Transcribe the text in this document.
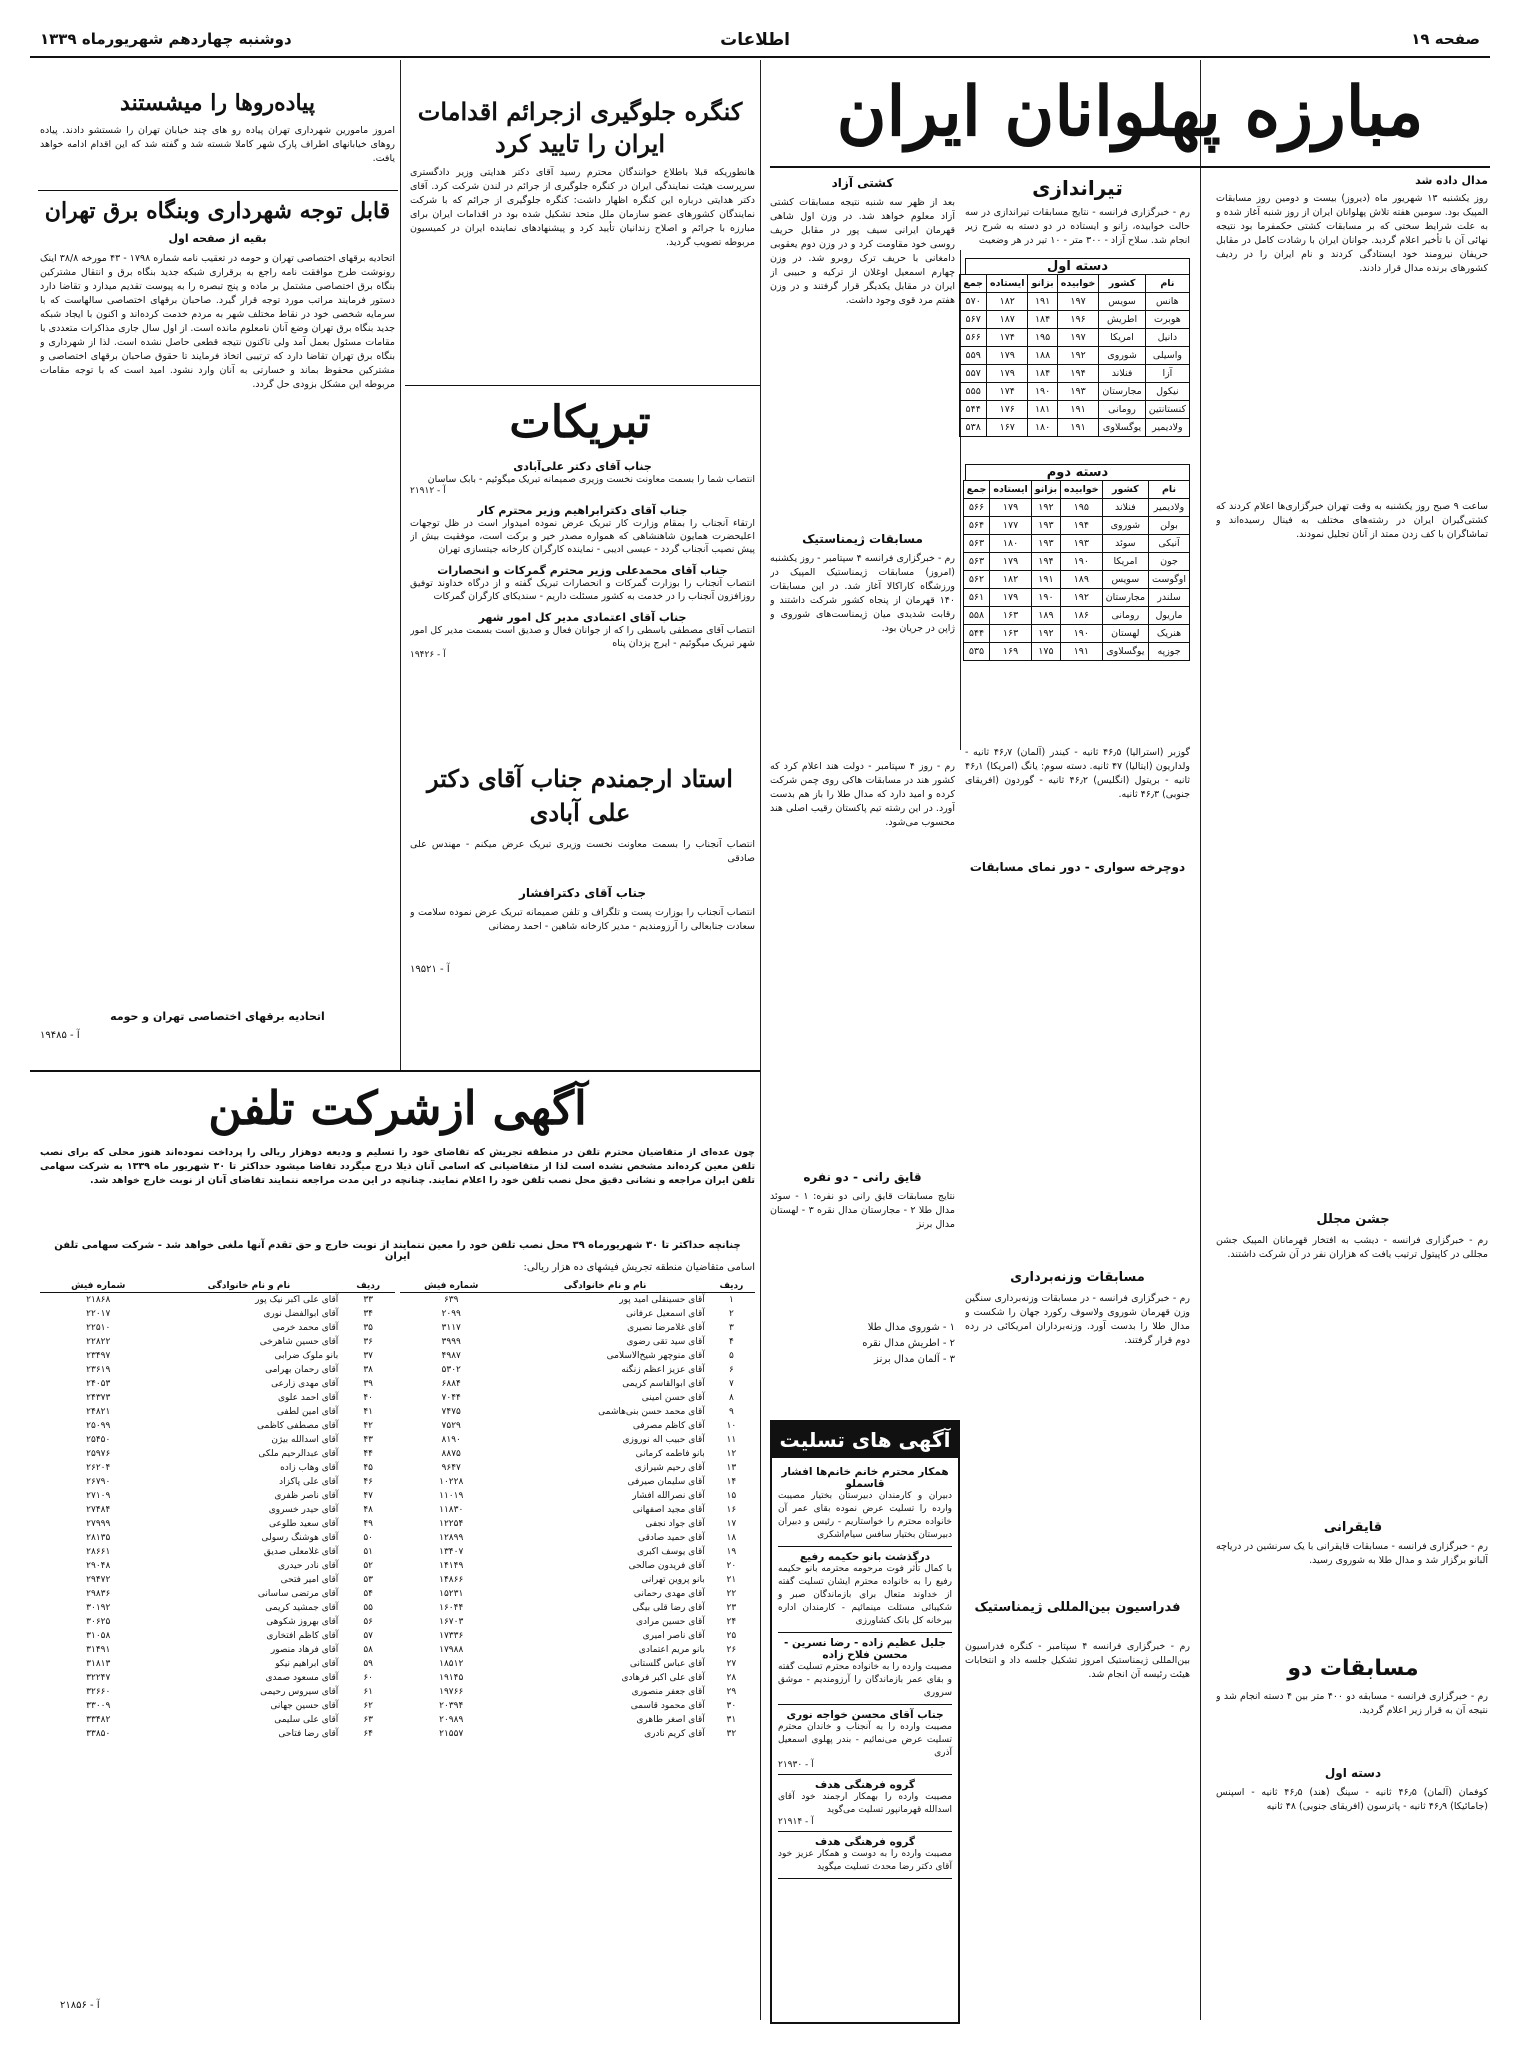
صفحه ۱۹
اطلاعات
دوشنبه چهاردهم شهریورماه ۱۳۳۹
مبارزه پهلوانان ایران
مدال داده شد
روز یکشنبه ۱۳ شهریور ماه (دیروز) بیست و دومین روز مسابقات المپیک بود. سومین هفته تلاش پهلوانان ایران از روز شنبه آغاز شده و به علت شرایط سختی که بر مسابقات کشتی حکمفرما بود نتیجه نهائی آن با تأخیر اعلام گردید. جوانان ایران با رشادت کامل در مقابل حریفان نیرومند خود ایستادگی کردند و نام ایران را در ردیف کشورهای برنده مدال قرار دادند.
ساعت ۹ صبح روز یکشنبه به وقت تهران خبرگزاری‌ها اعلام کردند که کشتی‌گیران ایران در رشته‌های مختلف به فینال رسیده‌اند و تماشاگران با کف زدن ممتد از آنان تجلیل نمودند.
تیراندازی
رم - خبرگزاری فرانسه - نتایج مسابقات تیراندازی در سه حالت خوابیده، زانو و ایستاده در دو دسته به شرح زیر انجام شد. سلاح آزاد - ۳۰۰ متر - ۱۰ تیر در هر وضعیت
دسته اول
نام	کشور	خوابیده	بزانو	ایستاده	جمع
هانس	سویس	۱۹۷	۱۹۱	۱۸۲	۵۷۰
هوبرت	اطریش	۱۹۶	۱۸۴	۱۸۷	۵۶۷
دانیل	امریکا	۱۹۷	۱۹۵	۱۷۴	۵۶۶
واسیلی	شوروی	۱۹۲	۱۸۸	۱۷۹	۵۵۹
آزا	فنلاند	۱۹۴	۱۸۴	۱۷۹	۵۵۷
نیکول	مجارستان	۱۹۳	۱۹۰	۱۷۴	۵۵۵
کنستانتین	رومانی	۱۹۱	۱۸۱	۱۷۶	۵۴۴
ولادیمیر	یوگسلاوی	۱۹۱	۱۸۰	۱۶۷	۵۳۸
دسته دوم
نام	کشور	خوابیده	بزانو	ایستاده	جمع
ولادیمیر	فنلاند	۱۹۵	۱۹۲	۱۷۹	۵۶۶
بولن	شوروی	۱۹۴	۱۹۳	۱۷۷	۵۶۴
آنیکی	سوئد	۱۹۳	۱۹۳	۱۸۰	۵۶۳
جون	امریکا	۱۹۰	۱۹۴	۱۷۹	۵۶۳
اوگوست	سویس	۱۸۹	۱۹۱	۱۸۲	۵۶۲
سلندر	مجارستان	۱۹۲	۱۹۰	۱۷۹	۵۶۱
ماریول	رومانی	۱۸۶	۱۸۹	۱۶۳	۵۵۸
هنریک	لهستان	۱۹۰	۱۹۲	۱۶۳	۵۴۴
جوزپه	یوگسلاوی	۱۹۱	۱۷۵	۱۶۹	۵۳۵
کشتی آزاد
بعد از ظهر سه شنبه نتیجه مسابقات کشتی آزاد معلوم خواهد شد. در وزن اول شاهی قهرمان ایرانی سیف پور در مقابل حریف روسی خود مقاومت کرد و در وزن دوم یعقوبی دامغانی با حریف ترک روبرو شد. در وزن چهارم اسمعیل اوغلان از ترکیه و حبیبی از ایران در مقابل یکدیگر قرار گرفتند و در وزن هفتم مرد قوی وجود داشت.
مسابقات ژیمناستیک
رم - خبرگزاری فرانسه ۴ سپتامبر - روز یکشنبه (امروز) مسابقات ژیمناستیک المپیک در ورزشگاه کاراکالا آغاز شد. در این مسابقات ۱۴۰ قهرمان از پنجاه کشور شرکت داشتند و رقابت شدیدی میان ژیمناست‌های شوروی و ژاپن در جریان بود.
گوزبر (استرالیا) ۴۶٫۵ ثانیه - کیندر (آلمان) ۴۶٫۷ ثانیه - ولداریون (ایتالیا) ۴۷ ثانیه. دسته سوم: یانگ (امریکا) ۴۶٫۱ ثانیه - بریتول (انگلیس) ۴۶٫۲ ثانیه - گوردون (افریقای جنوبی) ۴۶٫۳ ثانیه.
دوچرخه سواری - دور نمای مسابقات
مسابقات وزنه‌برداری
رم - خبرگزاری فرانسه - در مسابقات وزنه‌برداری سنگین وزن قهرمان شوروی ولاسوف رکورد جهان را شکست و مدال طلا را بدست آورد. وزنه‌برداران امریکائی در رده دوم قرار گرفتند.
فدراسیون بین‌المللی ژیمناستیک
رم - خبرگزاری فرانسه ۴ سپتامبر - کنگره فدراسیون بین‌المللی ژیمناستیک امروز تشکیل جلسه داد و انتخابات هیئت رئیسه آن انجام شد.
رم - روز ۴ سپتامبر - دولت هند اعلام کرد که کشور هند در مسابقات هاکی روی چمن شرکت کرده و امید دارد که مدال طلا را باز هم بدست آورد. در این رشته تیم پاکستان رقیب اصلی هند محسوب می‌شود.
قایق رانی - دو نفره
نتایج مسابقات قایق رانی دو نفره: ۱ - سوئد مدال طلا ۲ - مجارستان مدال نقره ۳ - لهستان مدال برنز
۱ - شوروی مدال طلا
۲ - اطریش مدال نقره
۳ - آلمان مدال برنز
جشن مجلل
رم - خبرگزاری فرانسه - دیشب به افتخار قهرمانان المپیک جشن مجللی در کاپیتول ترتیب یافت که هزاران نفر در آن شرکت داشتند.
قایقرانی
رم - خبرگزاری فرانسه - مسابقات قایقرانی با یک سرنشین در دریاچه آلبانو برگزار شد و مدال طلا به شوروی رسید.
مسابقات دو
رم - خبرگزاری فرانسه - مسابقه دو ۴۰۰ متر بین ۴ دسته انجام شد و نتیجه آن به قرار زیر اعلام گردید.
دسته اول
کوفمان (آلمان) ۴۶٫۵ ثانیه - سینگ (هند) ۴۶٫۵ ثانیه - اسپنس (جامائیکا) ۴۶٫۹ ثانیه - پاترسون (افریقای جنوبی) ۴۸ ثانیه
آگهی های تسلیت
همکار محترم خانم خانم‌ها افشار قاسملو
دبیران و کارمندان دبیرستان بختیار مصیبت وارده را تسلیت عرض نموده بقای عمر آن خانواده محترم را خواستاریم - رئیس و دبیران دبیرستان بختیار سافس سیام‌اشکری
درگذشت بانو حکیمه رفیع
با کمال تأثر فوت مرحومه محترمه بانو حکیمه رفیع را به خانواده محترم ایشان تسلیت گفته از خداوند متعال برای بازماندگان صبر و شکیبائی مسئلت مینمائیم - کارمندان اداره بیرخانه کل بانک کشاورزی
جلیل عظیم زاده - رضا نسرین - محسن فلاح زاده
مصیبت وارده را به خانواده محترم تسلیت گفته و بقای عمر بازماندگان را آرزومندیم - موشق سروری
جناب آقای محسن خواجه نوری
مصیبت وارده را به آنجناب و خاندان محترم تسلیت عرض می‌نمائیم - بندر پهلوی اسمعیل آذری
آ - ۲۱۹۳۰
گروه فرهنگی هدف
مصیبت وارده را بهمکار ارجمند خود آقای اسدالله قهرمانپور تسلیت می‌گوید
آ - ۲۱۹۱۴
گروه فرهنگی هدف
مصیبت وارده را به دوست و همکار عزیز خود آقای دکتر رضا محدث تسلیت میگوید
کنگره جلوگیری ازجرائم اقدامات ایران را تایید کرد
هانطوریکه قبلا باطلاع خوانندگان محترم رسید آقای دکتر هدایتی وزیر دادگستری سرپرست هیئت نمایندگی ایران در کنگره جلوگیری از جرائم در لندن شرکت کرد. آقای دکتر هدایتی درباره این کنگره اظهار داشت: کنگره جلوگیری از جرائم که با شرکت نمایندگان کشورهای عضو سازمان ملل متحد تشکیل شده بود در اقدامات ایران برای مبارزه با جرائم و اصلاح زندانیان تأیید کرد و پیشنهادهای نماینده ایران در کمیسیون مربوطه تصویب گردید.
تبریکات
جناب آقای دکتر علی‌آبادی
انتصاب شما را بسمت معاونت نخست وزیری صمیمانه تبریک میگوئیم - بابک ساسان
آ - ۲۱۹۱۲
جناب آقای دکترابراهیم وزیر محترم کار
ارتقاء آنجناب را بمقام وزارت کار تبریک عرض نموده امیدوار است در ظل توجهات اعلیحضرت همایون شاهنشاهی که همواره مصدر خیر و برکت است، موفقیت بیش از پیش نصیب آنجناب گردد - عیسی ادیبی - نماینده کارگران کارخانه جیتسازی تهران
جناب آقای محمدعلی وزیر محترم گمرکات و انحصارات
انتصاب آنجناب را بوزارت گمرکات و انحصارات تبریک گفته و از درگاه خداوند توفیق روزافزون آنجناب را در خدمت به کشور مسئلت داریم - سندیکای کارگران گمرکات
جناب آقای اعتمادی مدیر کل امور شهر
انتصاب آقای مصطفی باسطی را که از جوانان فعال و صدیق است بسمت مدیر کل امور شهر تبریک میگوئیم - ایرج یزدان پناه
آ - ۱۹۴۲۶
استاد ارجمندم جناب آقای دکتر علی آبادی
انتصاب آنجناب را بسمت معاونت نخست وزیری تبریک عرض میکنم - مهندس علی صادقی
جناب آقای دکترافشار
انتصاب آنجناب را بوزارت پست و تلگراف و تلفن صمیمانه تبریک عرض نموده سلامت و سعادت جنابعالی را آرزومندیم - مدیر کارخانه شاهین - احمد رمضانی
آ - ۱۹۵۲۱
پیاده‌روها را میشستند
امروز مامورین شهرداری تهران پیاده رو های چند خیابان تهران را شستشو دادند. پیاده روهای خیابانهای اطراف پارک شهر کاملا شسته شد و گفته شد که این اقدام ادامه خواهد یافت.
قابل توجه شهرداری وبنگاه برق تهران
بقیه از صفحه اول
اتحادیه برقهای اختصاصی تهران و حومه در تعقیب نامه شماره ۱۷۹۸ - ۴۳ مورخه ۳۸/۸ اینک رونوشت طرح موافقت نامه راجع به برقراری شبکه جدید بنگاه برق و انتقال مشترکین بنگاه برق اختصاصی مشتمل بر ماده و پنج تبصره را به پیوست تقدیم میدارد و تقاضا دارد دستور فرمایند مراتب مورد توجه قرار گیرد. صاحبان برقهای اختصاصی سالهاست که با سرمایه شخصی خود در نقاط مختلف شهر به مردم خدمت کرده‌اند و اکنون با ایجاد شبکه جدید بنگاه برق تهران وضع آنان نامعلوم مانده است. از اول سال جاری مذاکرات متعددی با مقامات مسئول بعمل آمد ولی تاکنون نتیجه قطعی حاصل نشده است. لذا از شهرداری و بنگاه برق تهران تقاضا دارد که ترتیبی اتخاذ فرمایند تا حقوق صاحبان برقهای اختصاصی و مشترکین محفوظ بماند و خسارتی به آنان وارد نشود. امید است که با توجه مقامات مربوطه این مشکل بزودی حل گردد.
اتحادیه برقهای اختصاصی تهران و حومه
آ - ۱۹۴۸۵
آگهی ازشرکت تلفن
چون عده‌ای از متقاضیان محترم تلفن در منطقه تجریش که تقاضای خود را تسلیم و ودیعه دوهزار ریالی را پرداخت نموده‌اند هنوز محلی که برای نصب تلفن معین کرده‌اند مشخص نشده است لذا از متقاضیانی که اسامی آنان ذیلا درج میگردد تقاضا میشود حداکثر تا ۳۰ شهریور ماه ۱۳۳۹ به شرکت سهامی تلفن ایران مراجعه و نشانی دقیق محل نصب تلفن خود را اعلام نمایند. چنانچه در این مدت مراجعه ننمایند تقاضای آنان از نوبت خارج خواهد شد.
چنانچه حداکثر تا ۳۰ شهریورماه ۳۹ محل نصب تلفن خود را معین ننمایند از نوبت خارج و حق تقدم آنها ملغی خواهد شد - شرکت سهامی تلفن ایران
اسامی متقاضیان منطقه تجریش فیشهای ده هزار ریالی:
ردیف	نام و نام خانوادگی	شماره فیش
۱	آقای حسینقلی امید پور	۶۳۹
۲	آقای اسمعیل عرفانی	۲۰۹۹
۳	آقای غلامرضا نصیری	۳۱۱۷
۴	آقای سید تقی رضوی	۳۹۹۹
۵	آقای منوچهر شیخ‌الاسلامی	۴۹۸۷
۶	آقای عزیز اعظم زنگنه	۵۳۰۲
۷	آقای ابوالقاسم کریمی	۶۸۸۴
۸	آقای حسن امینی	۷۰۴۴
۹	آقای محمد حسن بنی‌هاشمی	۷۴۷۵
۱۰	آقای کاظم مصرفی	۷۵۲۹
۱۱	آقای حبیب اله نوروزی	۸۱۹۰
۱۲	بانو فاطمه کرمانی	۸۸۷۵
۱۳	آقای رحیم شیرازی	۹۶۴۷
۱۴	آقای سلیمان صیرفی	۱۰۲۲۸
۱۵	آقای نصرالله افشار	۱۱۰۱۹
۱۶	آقای مجید اصفهانی	۱۱۸۳۰
۱۷	آقای جواد نجفی	۱۲۲۵۴
۱۸	آقای حمید صادقی	۱۲۸۹۹
۱۹	آقای یوسف اکبری	۱۳۴۰۷
۲۰	آقای فریدون صالحی	۱۴۱۴۹
۲۱	بانو پروین تهرانی	۱۴۸۶۶
۲۲	آقای مهدی رحمانی	۱۵۲۳۱
۲۳	آقای رضا قلی بیگی	۱۶۰۴۴
۲۴	آقای حسین مرادی	۱۶۷۰۳
۲۵	آقای ناصر امیری	۱۷۳۳۶
۲۶	بانو مریم اعتمادی	۱۷۹۸۸
۲۷	آقای عباس گلستانی	۱۸۵۱۲
۲۸	آقای علی اکبر فرهادی	۱۹۱۴۵
۲۹	آقای جعفر منصوری	۱۹۷۶۶
۳۰	آقای محمود قاسمی	۲۰۳۹۴
۳۱	آقای اصغر طاهری	۲۰۹۸۹
۳۲	آقای کریم نادری	۲۱۵۵۷
ردیف	نام و نام خانوادگی	شماره فیش
۳۳	آقای علی اکبر نیک پور	۲۱۸۶۸
۳۴	آقای ابوالفضل نوری	۲۲۰۱۷
۳۵	آقای محمد خرمی	۲۲۵۱۰
۳۶	آقای حسین شاهرخی	۲۲۸۲۲
۳۷	بانو ملوک ضرابی	۲۳۴۹۷
۳۸	آقای رحمان بهرامی	۲۳۶۱۹
۳۹	آقای مهدی زارعی	۲۴۰۵۳
۴۰	آقای احمد علوی	۲۴۳۷۳
۴۱	آقای امین لطفی	۲۴۸۲۱
۴۲	آقای مصطفی کاظمی	۲۵۰۹۹
۴۳	آقای اسدالله بیژن	۲۵۴۵۰
۴۴	آقای عبدالرحیم ملکی	۲۵۹۷۶
۴۵	آقای وهاب زاده	۲۶۲۰۴
۴۶	آقای علی پاکزاد	۲۶۷۹۰
۴۷	آقای ناصر ظفری	۲۷۱۰۹
۴۸	آقای حیدر خسروی	۲۷۴۸۴
۴۹	آقای سعید طلوعی	۲۷۹۹۹
۵۰	آقای هوشنگ رسولی	۲۸۱۳۵
۵۱	آقای غلامعلی صدیق	۲۸۶۶۱
۵۲	آقای نادر حیدری	۲۹۰۴۸
۵۳	آقای امیر فتحی	۲۹۴۷۲
۵۴	آقای مرتضی ساسانی	۲۹۸۳۶
۵۵	آقای جمشید کریمی	۳۰۱۹۲
۵۶	آقای بهروز شکوهی	۳۰۶۲۵
۵۷	آقای کاظم افتخاری	۳۱۰۵۸
۵۸	آقای فرهاد منصور	۳۱۴۹۱
۵۹	آقای ابراهیم نیکو	۳۱۸۱۳
۶۰	آقای مسعود صمدی	۳۲۲۴۷
۶۱	آقای سیروس رحیمی	۳۲۶۶۰
۶۲	آقای حسین جهانی	۳۳۰۰۹
۶۳	آقای علی سلیمی	۳۳۴۸۲
۶۴	آقای رضا فتاحی	۳۳۸۵۰
آ - ۲۱۸۵۶
